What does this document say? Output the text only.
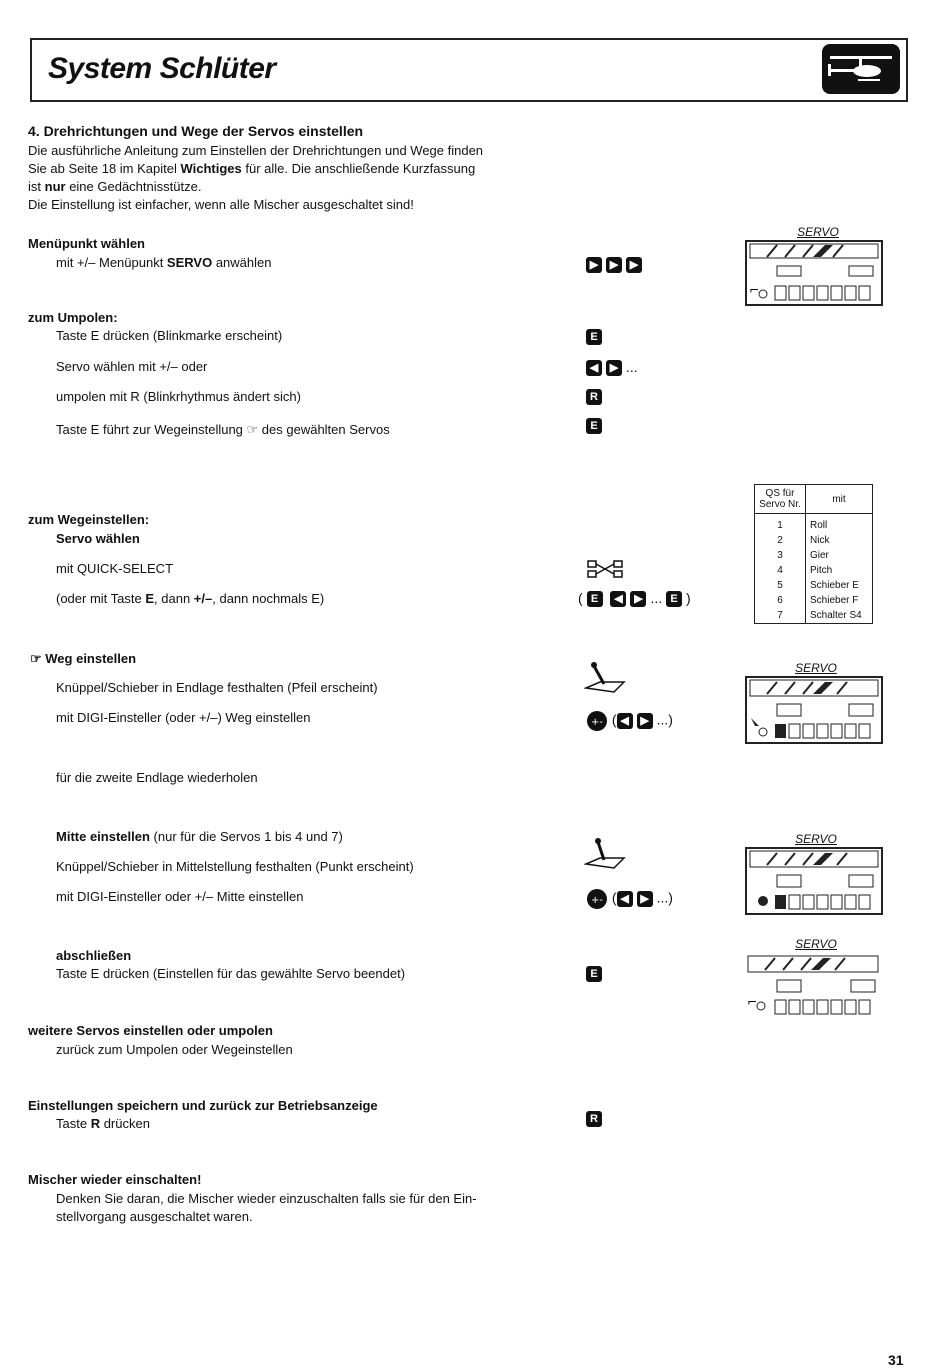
System Schlüter
4. Drehrichtungen und Wege der Servos einstellen
Die ausführliche Anleitung zum Einstellen der Drehrichtungen und Wege finden
Sie ab Seite 18 im Kapitel Wichtiges für alle. Die anschließende Kurzfassung
ist nur eine Gedächtnisstütze.
Die Einstellung ist einfacher, wenn alle Mischer ausgeschaltet sind!
Menüpunkt wählen
mit +/– Menüpunkt SERVO anwählen	▶ ▶ ▶
SERVO
⌐
zum Umpolen:
Taste E drücken (Blinkmarke erscheint)
Servo wählen mit +/– oder
umpolen mit R (Blinkrhythmus ändert sich)
Taste E führt zur Wegeinstellung ☞ des gewählten Servos
E
◀ ▶ ...
R
E
QS für Servo Nr.	mit
1	Roll
2	Nick
3	Gier
4	Pitch
5	Schieber E
6	Schieber F
7	Schalter S4
zum Wegeinstellen:
Servo wählen
mit QUICK-SELECT
(oder mit Taste E, dann +/–, dann nochmals E)	( E ◀ ▶ ... E )
☞ Weg einstellen
Knüppel/Schieber in Endlage festhalten (Pfeil erscheint)
mit DIGI-Einsteller (oder +/–) Weg einstellen
für die zweite Endlage wiederholen
+- ( ◀ ▶ ...)
SERVO
Mitte einstellen (nur für die Servos 1 bis 4 und 7)
Knüppel/Schieber in Mittelstellung festhalten (Punkt erscheint)
mit DIGI-Einsteller oder +/– Mitte einstellen	+- ( ◀ ▶ ...)
SERVO
abschließen
Taste E drücken (Einstellen für das gewählte Servo beendet)	E
SERVO
⌐
weitere Servos einstellen oder umpolen
zurück zum Umpolen oder Wegeinstellen
Einstellungen speichern und zurück zur Betriebsanzeige
Taste R drücken	R
Mischer wieder einschalten!
Denken Sie daran, die Mischer wieder einzuschalten falls sie für den Ein-
stellvorgang ausgeschaltet waren.
31
